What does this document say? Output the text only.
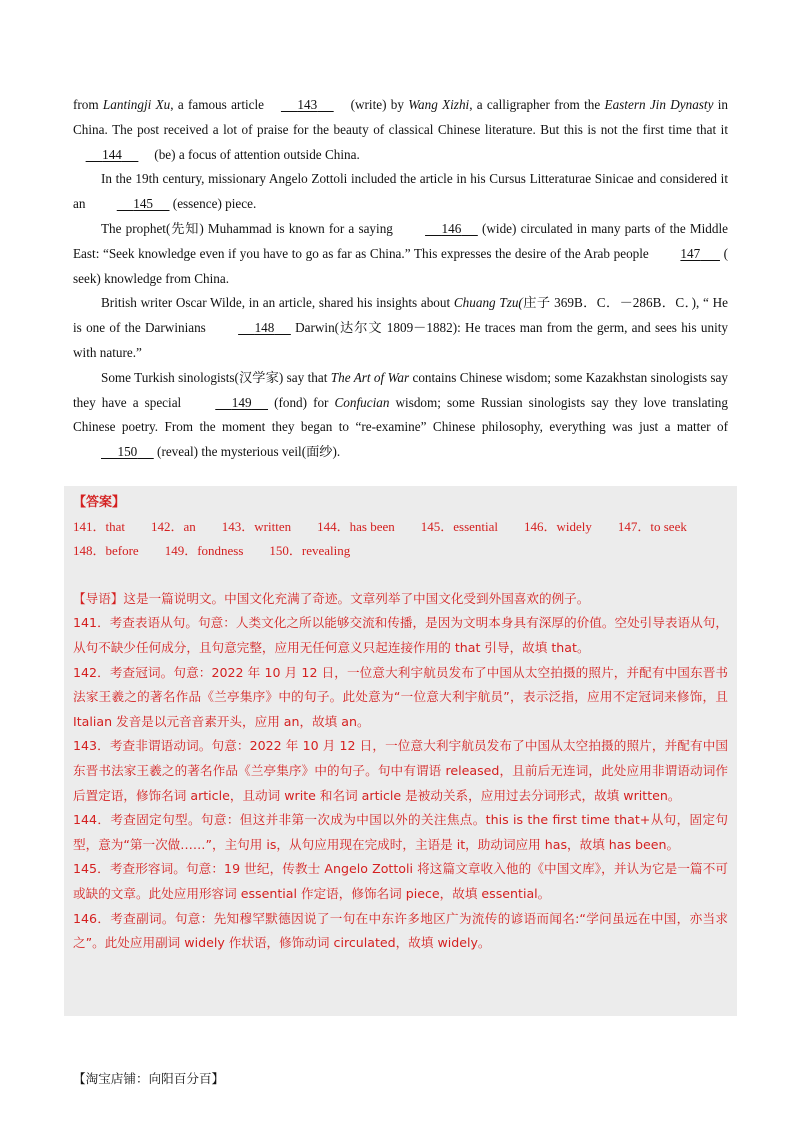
from Lantingji Xu, a famous article      143      (write) by Wang Xizhi, a calligrapher from the Eastern Jin Dynasty in China. The post received a lot of praise for the beauty of classical Chinese literature. But this is not the first time that it      144      (be) a focus of attention outside China.

In the 19th century, missionary Angelo Zottoli included the article in his Cursus Litteraturae Sinicae and considered it an	145      (essence) piece.

The prophet(先知) Muhammad is known for a saying	146      (wide) circulated in many parts of the Middle East: “Seek knowledge even if you have to go as far as China.” This expresses the desire of the Arab people 147       ( seek) knowledge from China.

British writer Oscar Wilde, in an article, shared his insights about Chuang Tzu(庄子 369B．C．－286B．C．), “ He is one of the Darwinians	148      Darwin(达尔文 1809－1882): He traces man from the germ, and sees his unity with nature.”

Some Turkish sinologists(汉学家) say that The Art of War contains Chinese wisdom; some Kazakhstan sinologists say they have a special	149      (fond) for Confucian wisdom; some Russian sinologists say they love translating Chinese poetry. From the moment they began to “re-examine” Chinese philosophy, everything was just a matter of      150      (reveal) the mysterious veil(面纱).

【答案】
141．that 142．an 143．written 144．has been 145．essential 146．widely 147．to seek
148．before 149．fondness 150．revealing

【导语】这是一篇说明文。中国文化充满了奇迹。文章列举了中国文化受到外国喜欢的例子。

141．考查表语从句。句意：人类文化之所以能够交流和传播，是因为文明本身具有深厚的价值。空处引导表语从句，从句不缺少任何成分，且句意完整，应用无任何意义只起连接作用的 that 引导，故填 that。

142．考查冠词。句意：2022 年 10 月 12 日，一位意大利宇航员发布了中国从太空拍摄的照片，并配有中国东晋书法家王羲之的著名作品《兰亭集序》中的句子。此处意为“一位意大利宇航员”，表示泛指，应用不定冠词来修饰，且 Italian 发音是以元音音素开头，应用 an，故填 an。

143．考查非谓语动词。句意：2022 年 10 月 12 日，一位意大利宇航员发布了中国从太空拍摄的照片，并配有中国东晋书法家王羲之的著名作品《兰亭集序》中的句子。句中有谓语 released，且前后无连词，此处应用非谓语动词作后置定语，修饰名词 article，且动词 write 和名词 article 是被动关系，应用过去分词形式，故填 written。

144．考查固定句型。句意：但这并非第一次成为中国以外的关注焦点。this is the first time that+从句，固定句型，意为“第一次做……”，主句用 is，从句应用现在完成时，主语是 it，助动词应用 has，故填 has been。

145．考查形容词。句意：19 世纪，传教士 Angelo Zottoli 将这篇文章收入他的《中国文库》，并认为它是一篇不可或缺的文章。此处应用形容词 essential 作定语，修饰名词 piece，故填 essential。

146．考查副词。句意：先知穆罕默德因说了一句在中东许多地区广为流传的谚语而闻名:“学问虽远在中国，亦当求之”。此处应用副词 widely 作状语，修饰动词 circulated，故填 widely。

【淘宝店铺：向阳百分百】
